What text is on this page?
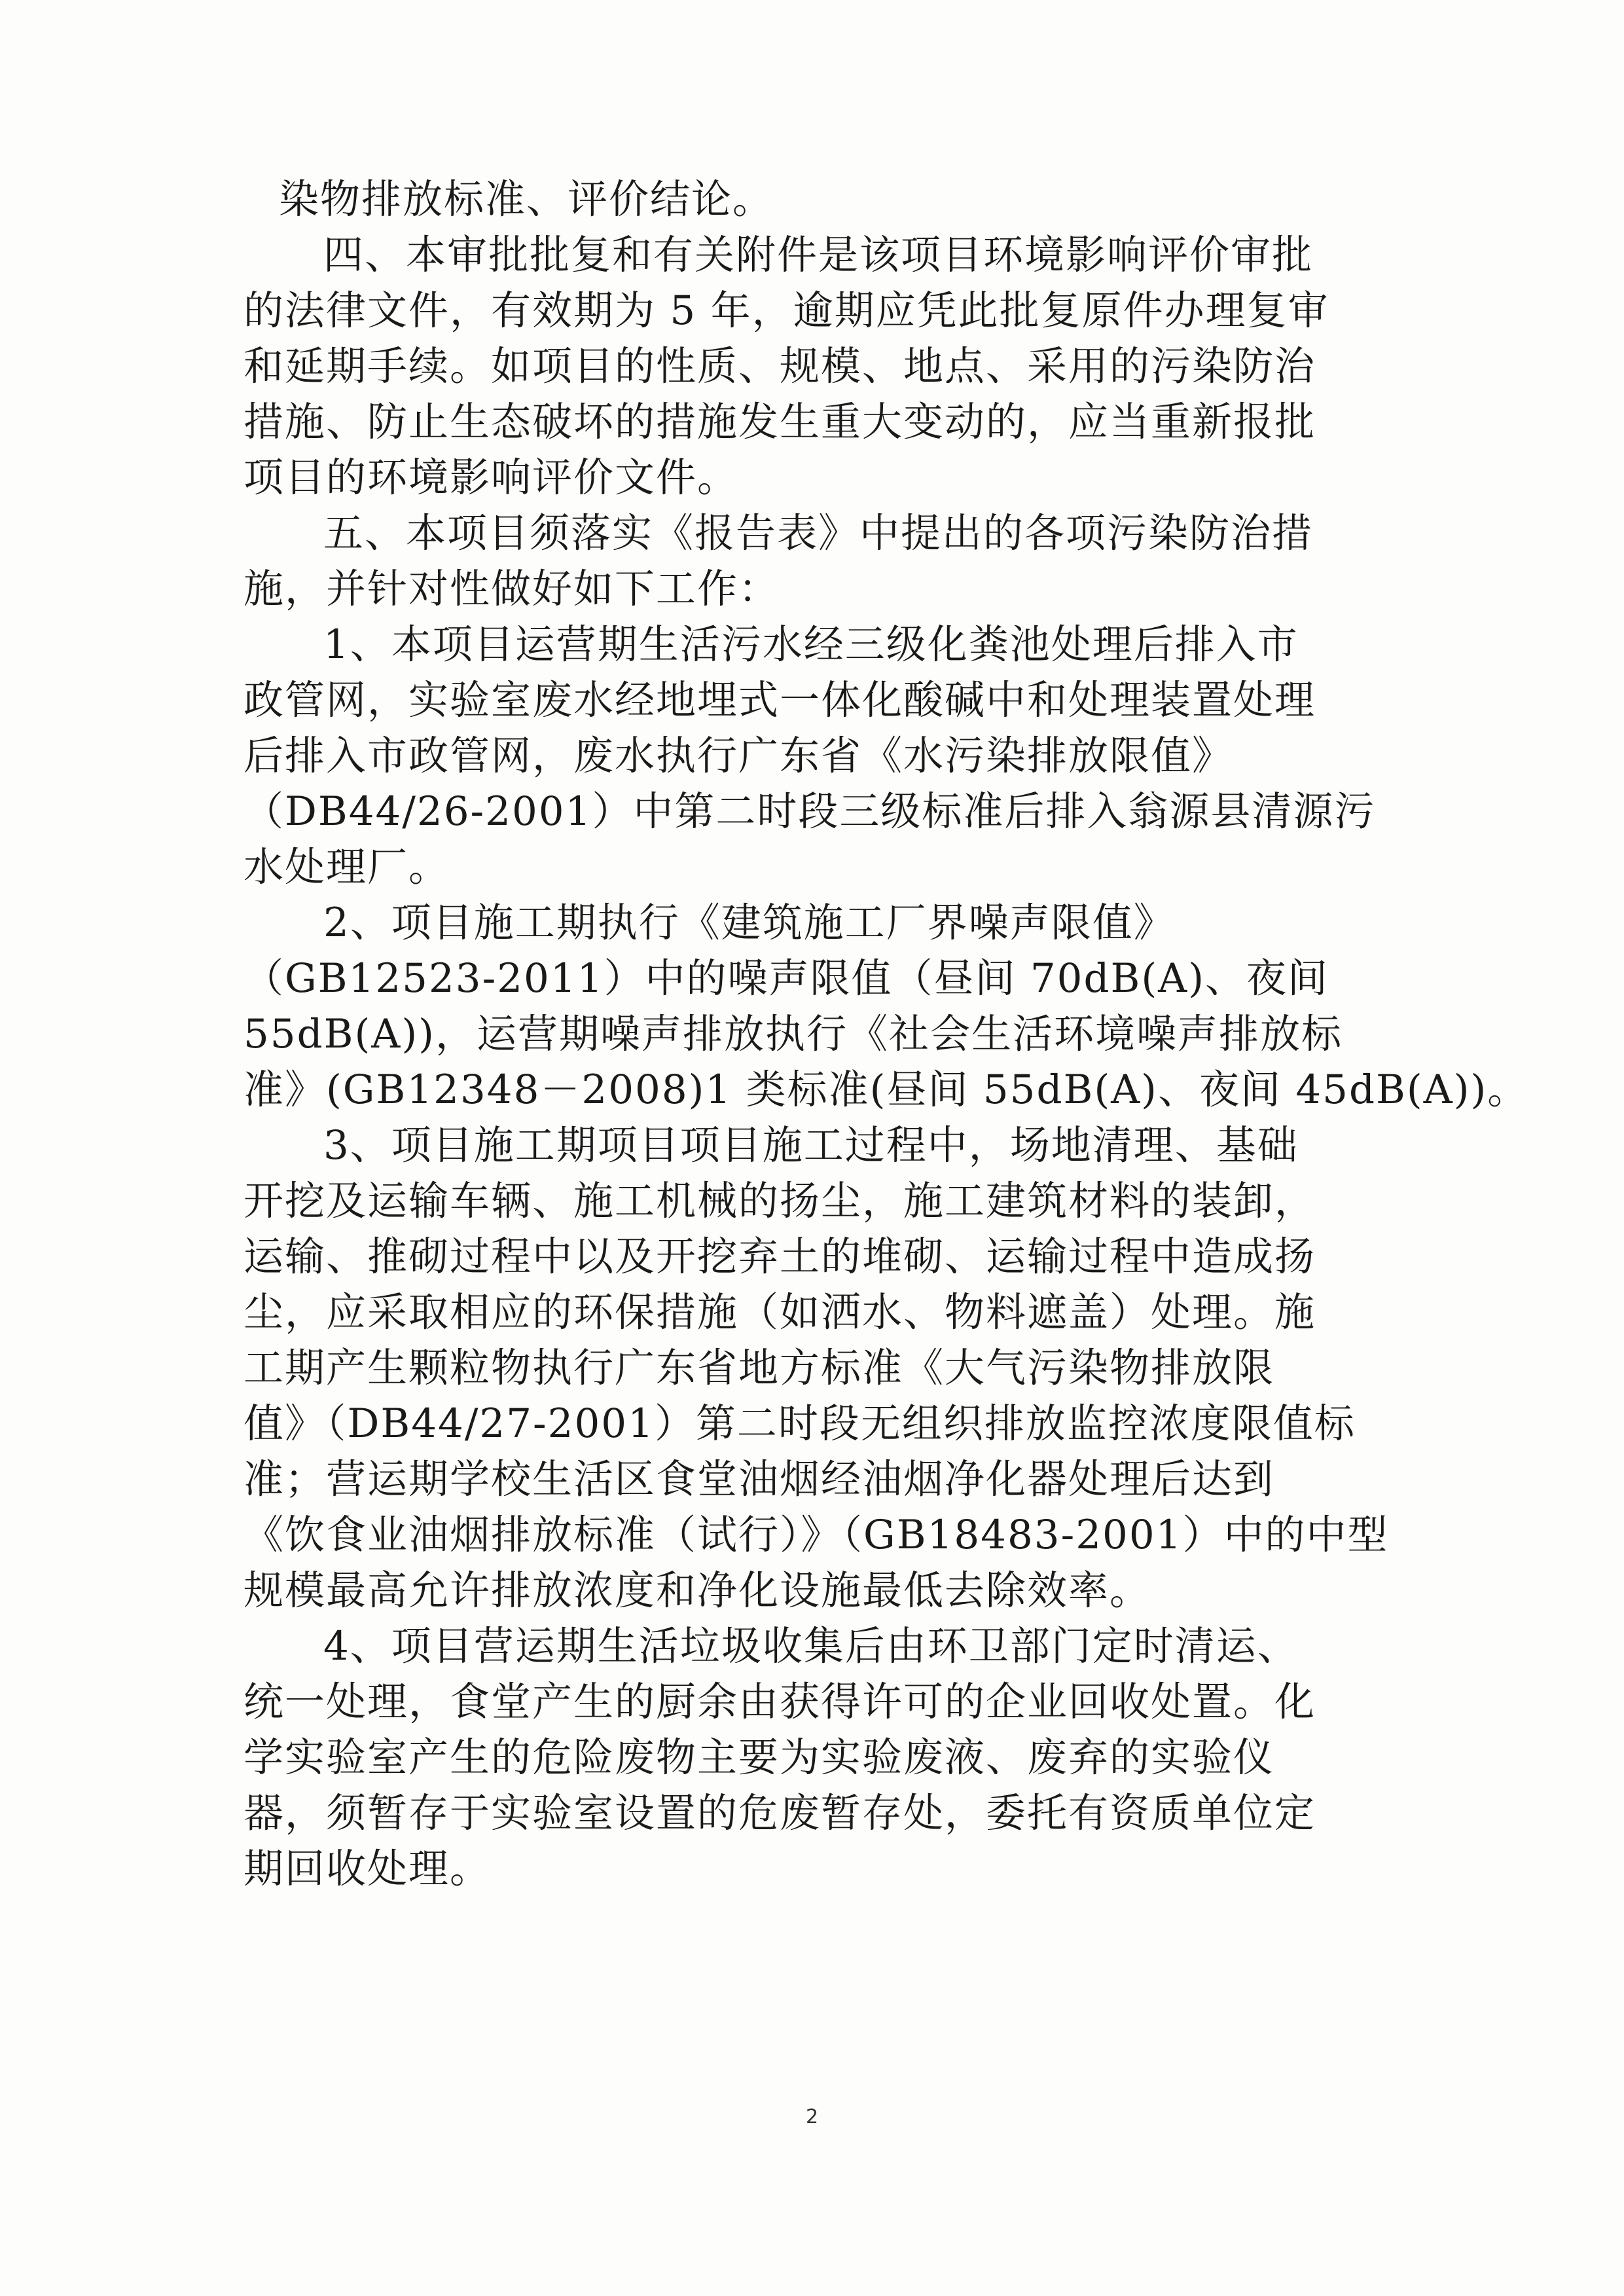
染物排放标准、评价结论。
四、本审批批复和有关附件是该项目环境影响评价审批
的法律文件，有效期为 5 年，逾期应凭此批复原件办理复审
和延期手续。如项目的性质、规模、地点、采用的污染防治
措施、防止生态破坏的措施发生重大变动的，应当重新报批
项目的环境影响评价文件。
五、本项目须落实《报告表》中提出的各项污染防治措
施，并针对性做好如下工作：
1、本项目运营期生活污水经三级化粪池处理后排入市
政管网，实验室废水经地埋式一体化酸碱中和处理装置处理
后排入市政管网，废水执行广东省《水污染排放限值》
（DB44/26-2001）中第二时段三级标准后排入翁源县清源污
水处理厂。
2、项目施工期执行《建筑施工厂界噪声限值》
（GB12523-2011）中的噪声限值（昼间 70dB(A)、夜间
55dB(A))，运营期噪声排放执行《社会生活环境噪声排放标
准》(GB12348－2008)1 类标准(昼间 55dB(A)、夜间 45dB(A))。
3、项目施工期项目项目施工过程中，场地清理、基础
开挖及运输车辆、施工机械的扬尘，施工建筑材料的装卸，
运输、推砌过程中以及开挖弃土的堆砌、运输过程中造成扬
尘，应采取相应的环保措施（如洒水、物料遮盖）处理。施
工期产生颗粒物执行广东省地方标准《大气污染物排放限
值》（DB44/27-2001）第二时段无组织排放监控浓度限值标
准；营运期学校生活区食堂油烟经油烟净化器处理后达到
《饮食业油烟排放标准（试行）》（GB18483-2001）中的中型
规模最高允许排放浓度和净化设施最低去除效率。
4、项目营运期生活垃圾收集后由环卫部门定时清运、
统一处理，食堂产生的厨余由获得许可的企业回收处置。化
学实验室产生的危险废物主要为实验废液、废弃的实验仪
器，须暂存于实验室设置的危废暂存处，委托有资质单位定
期回收处理。
2
